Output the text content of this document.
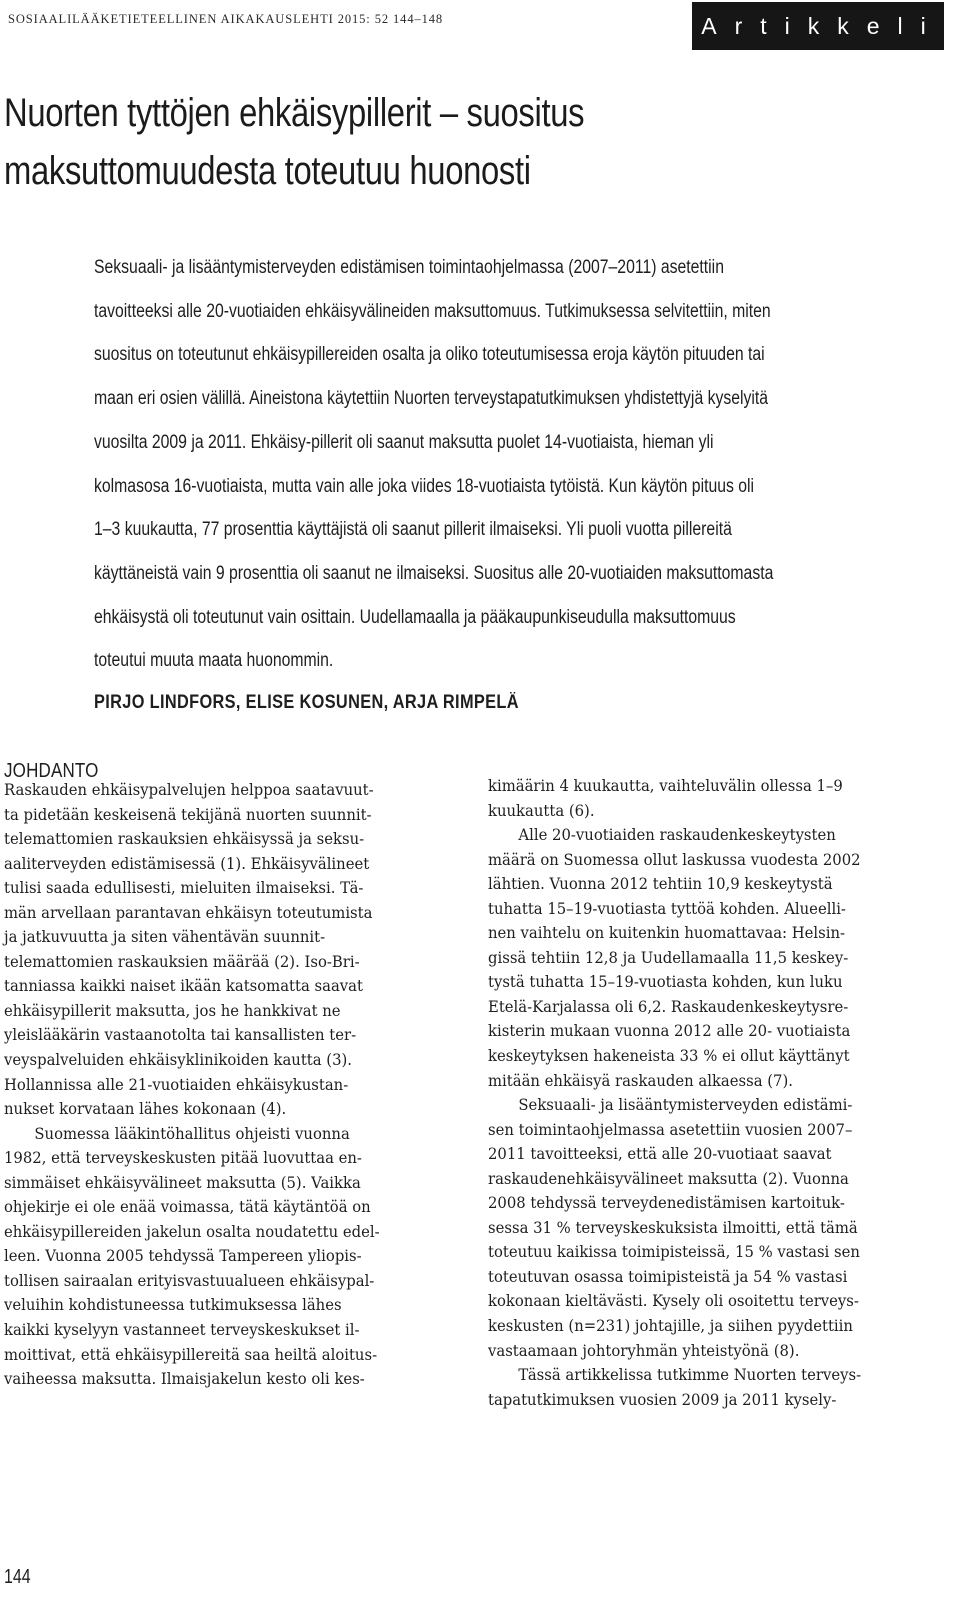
SOSIAALILÄÄKETIETEELLINEN AIKAKAUSLEHTI 2015: 52 144–148	Artikkeli
Nuorten tyttöjen ehkäisypillerit – suositus
maksuttomuudesta toteutuu huonosti
Seksuaali- ja lisääntymisterveyden edistämisen toimintaohjelmassa (2007–2011) asetettiin
tavoitteeksi alle 20-vuotiaiden ehkäisyvälineiden maksuttomuus. Tutkimuksessa selvitettiin, miten
suositus on toteutunut ehkäisypillereiden osalta ja oliko toteutumisessa eroja käytön pituuden tai
maan eri osien välillä. Aineistona käytettiin Nuorten terveystapatutkimuksen yhdistettyjä kyselyitä
vuosilta 2009 ja 2011. Ehkäisy-pillerit oli saanut maksutta puolet 14-vuotiaista, hieman yli
kolmasosa 16-vuotiaista, mutta vain alle joka viides 18-vuotiaista tytöistä. Kun käytön pituus oli
1–3 kuukautta, 77 prosenttia käyttäjistä oli saanut pillerit ilmaiseksi. Yli puoli vuotta pillereitä
käyttäneistä vain 9 prosenttia oli saanut ne ilmaiseksi. Suositus alle 20-vuotiaiden maksuttomasta
ehkäisystä oli toteutunut vain osittain. Uudellamaalla ja pääkaupunkiseudulla maksuttomuus
toteutui muuta maata huonommin.
PIRJO LINDFORS, ELISE KOSUNEN, ARJA RIMPELÄ
JOHDANTO
Raskauden ehkäisypalvelujen helppoa saatavuut-
ta pidetään keskeisenä tekijänä nuorten suunnit-
telemattomien raskauksien ehkäisyssä ja seksu-
aaliterveyden edistämisessä (1). Ehkäisyvälineet
tulisi saada edullisesti, mieluiten ilmaiseksi. Tä-
män arvellaan parantavan ehkäisyn toteutumista
ja jatkuvuutta ja siten vähentävän suunnit-
telemattomien raskauksien määrää (2). Iso-Bri-
tanniassa kaikki naiset ikään katsomatta saavat
ehkäisypillerit maksutta, jos he hankkivat ne
yleislääkärin vastaanotolta tai kansallisten ter-
veyspalveluiden ehkäisyklinikoiden kautta (3).
Hollannissa alle 21-vuotiaiden ehkäisykustan-
nukset korvataan lähes kokonaan (4).
Suomessa lääkintöhallitus ohjeisti vuonna
1982, että terveyskeskusten pitää luovuttaa en-
simmäiset ehkäisyvälineet maksutta (5). Vaikka
ohjekirje ei ole enää voimassa, tätä käytäntöä on
ehkäisypillereiden jakelun osalta noudatettu edel-
leen. Vuonna 2005 tehdyssä Tampereen yliopis-
tollisen sairaalan erityisvastuualueen ehkäisypal-
veluihin kohdistuneessa tutkimuksessa lähes
kaikki kyselyyn vastanneet terveyskeskukset il-
moittivat, että ehkäisypillereitä saa heiltä aloitus-
vaiheessa maksutta. Ilmaisjakelun kesto oli kes-
kimäärin 4 kuukautta, vaihteluvälin ollessa 1–9
kuukautta (6).
Alle 20-vuotiaiden raskaudenkeskeytysten
määrä on Suomessa ollut laskussa vuodesta 2002
lähtien. Vuonna 2012 tehtiin 10,9 keskeytystä
tuhatta 15–19-vuotiasta tyttöä kohden. Alueelli-
nen vaihtelu on kuitenkin huomattavaa: Helsin-
gissä tehtiin 12,8 ja Uudellamaalla 11,5 keskey-
tystä tuhatta 15–19-vuotiasta kohden, kun luku
Etelä-Karjalassa oli 6,2. Raskaudenkeskeytysre-
kisterin mukaan vuonna 2012 alle 20- vuotiaista
keskeytyksen hakeneista 33 % ei ollut käyttänyt
mitään ehkäisyä raskauden alkaessa (7).
Seksuaali- ja lisääntymisterveyden edistämi-
sen toimintaohjelmassa asetettiin vuosien 2007–
2011 tavoitteeksi, että alle 20-vuotiaat saavat
raskaudenehkäisyvälineet maksutta (2). Vuonna
2008 tehdyssä terveydenedistämisen kartoituk-
sessa 31 % terveyskeskuksista ilmoitti, että tämä
toteutuu kaikissa toimipisteissä, 15 % vastasi sen
toteutuvan osassa toimipisteistä ja 54 % vastasi
kokonaan kieltävästi. Kysely oli osoitettu terveys-
keskusten (n=231) johtajille, ja siihen pyydettiin
vastaamaan johtoryhmän yhteistyönä (8).
Tässä artikkelissa tutkimme Nuorten terveys-
tapatutkimuksen vuosien 2009 ja 2011 kysely-
144
